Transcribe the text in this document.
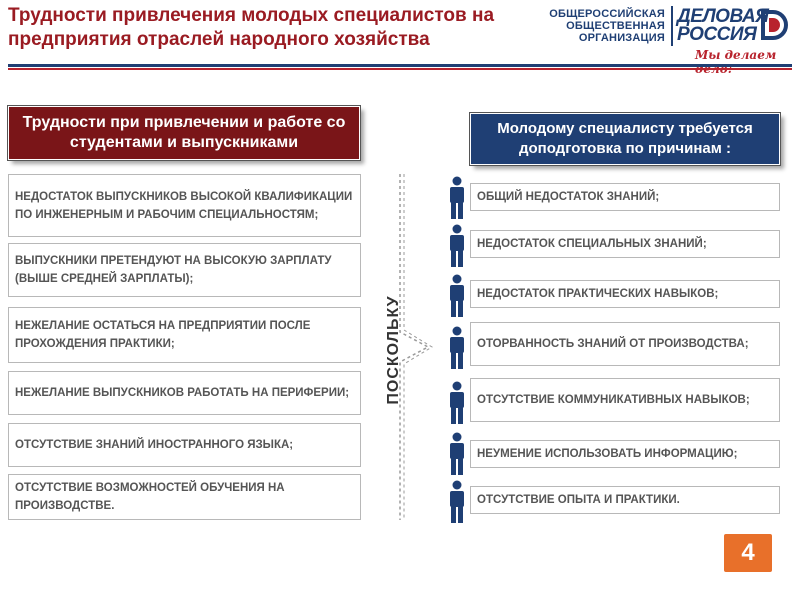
Трудности привлечения молодых специалистов на предприятия отраслей народного хозяйства
ОБЩЕРОССИЙСКАЯ
ОБЩЕСТВЕННАЯ
ОРГАНИЗАЦИЯ
ДЕЛОВАЯ
РОССИЯ
Мы делаем
Трудности при привлечении и работе со студентами и выпускниками
Молодому специалисту требуется доподготовка по причинам :
НЕДОСТАТОК ВЫПУСКНИКОВ ВЫСОКОЙ КВАЛИФИКАЦИИ ПО ИНЖЕНЕРНЫМ И РАБОЧИМ СПЕЦИАЛЬНОСТЯМ;
ВЫПУСКНИКИ ПРЕТЕНДУЮТ НА ВЫСОКУЮ ЗАРПЛАТУ (ВЫШЕ СРЕДНЕЙ ЗАРПЛАТЫ);
НЕЖЕЛАНИЕ ОСТАТЬСЯ НА ПРЕДПРИЯТИИ ПОСЛЕ ПРОХОЖДЕНИЯ ПРАКТИКИ;
НЕЖЕЛАНИЕ ВЫПУСКНИКОВ РАБОТАТЬ НА ПЕРИФЕРИИ;
ОТСУТСТВИЕ ЗНАНИЙ ИНОСТРАННОГО ЯЗЫКА;
ОТСУТСТВИЕ ВОЗМОЖНОСТЕЙ ОБУЧЕНИЯ НА ПРОИЗВОДСТВЕ.
ПОСКОЛЬКУ
ОБЩИЙ НЕДОСТАТОК ЗНАНИЙ;
НЕДОСТАТОК СПЕЦИАЛЬНЫХ ЗНАНИЙ;
НЕДОСТАТОК ПРАКТИЧЕСКИХ НАВЫКОВ;
ОТОРВАННОСТЬ ЗНАНИЙ ОТ ПРОИЗВОДСТВА;
ОТСУТСТВИЕ КОММУНИКАТИВНЫХ НАВЫКОВ;
НЕУМЕНИЕ ИСПОЛЬЗОВАТЬ ИНФОРМАЦИЮ;
ОТСУТСТВИЕ ОПЫТА И ПРАКТИКИ.
4
